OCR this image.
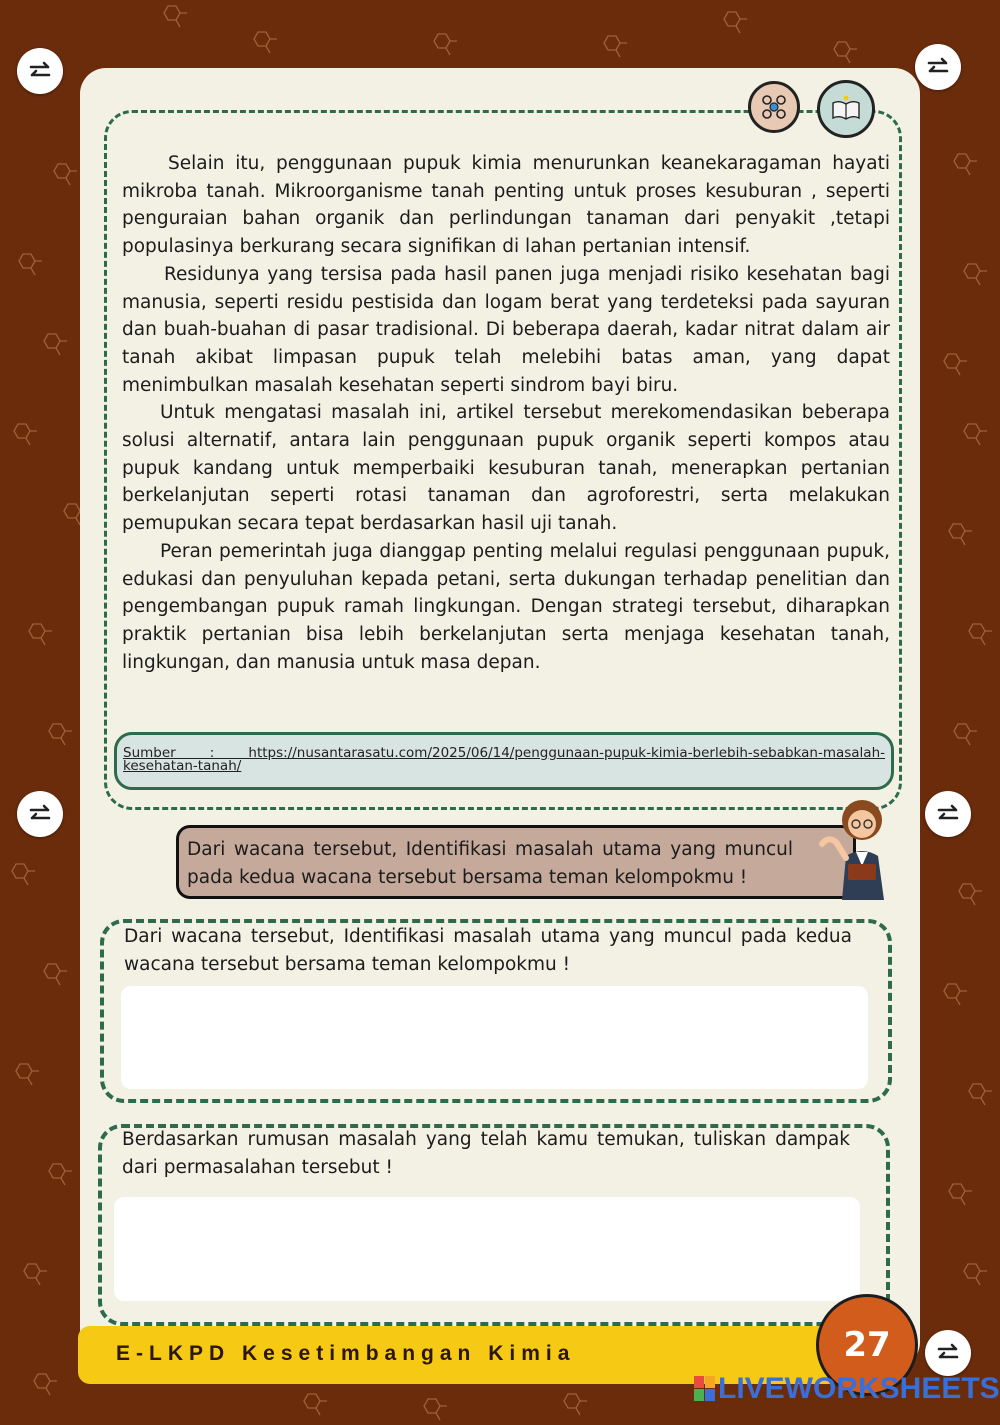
Selain itu, penggunaan pupuk kimia menurunkan keanekaragaman hayati mikroba tanah. Mikroorganisme tanah penting untuk proses kesuburan , seperti penguraian bahan organik dan perlindungan tanaman dari penyakit ,tetapi populasinya berkurang secara signifikan di lahan pertanian intensif.

Residunya yang tersisa pada hasil panen juga menjadi risiko kesehatan bagi manusia, seperti residu pestisida dan logam berat yang terdeteksi pada sayuran dan buah-buahan di pasar tradisional. Di beberapa daerah, kadar nitrat dalam air tanah akibat limpasan pupuk telah melebihi batas aman, yang dapat menimbulkan masalah kesehatan seperti sindrom bayi biru.

Untuk mengatasi masalah ini, artikel tersebut merekomendasikan beberapa solusi alternatif, antara lain penggunaan pupuk organik seperti kompos atau pupuk kandang untuk memperbaiki kesuburan tanah, menerapkan pertanian berkelanjutan seperti rotasi tanaman dan agroforestri, serta melakukan pemupukan secara tepat berdasarkan hasil uji tanah.

Peran pemerintah juga dianggap penting melalui regulasi penggunaan pupuk, edukasi dan penyuluhan kepada petani, serta dukungan terhadap penelitian dan pengembangan pupuk ramah lingkungan. Dengan strategi tersebut, diharapkan praktik pertanian bisa lebih berkelanjutan serta menjaga kesehatan tanah, lingkungan, dan manusia untuk masa depan.

Sumber : https://nusantarasatu.com/2025/06/14/penggunaan-pupuk-kimia-berlebih-sebabkan-masalah-kesehatan-tanah/
Dari wacana tersebut, Identifikasi masalah utama yang muncul pada kedua wacana tersebut bersama teman kelompokmu !
Dari wacana tersebut, Identifikasi masalah utama yang muncul pada kedua wacana tersebut bersama teman kelompokmu !
Berdasarkan rumusan masalah yang telah kamu temukan, tuliskan dampak dari permasalahan tersebut !
E-LKPD Kesetimbangan Kimia	27
LIVEWORKSHEETS
